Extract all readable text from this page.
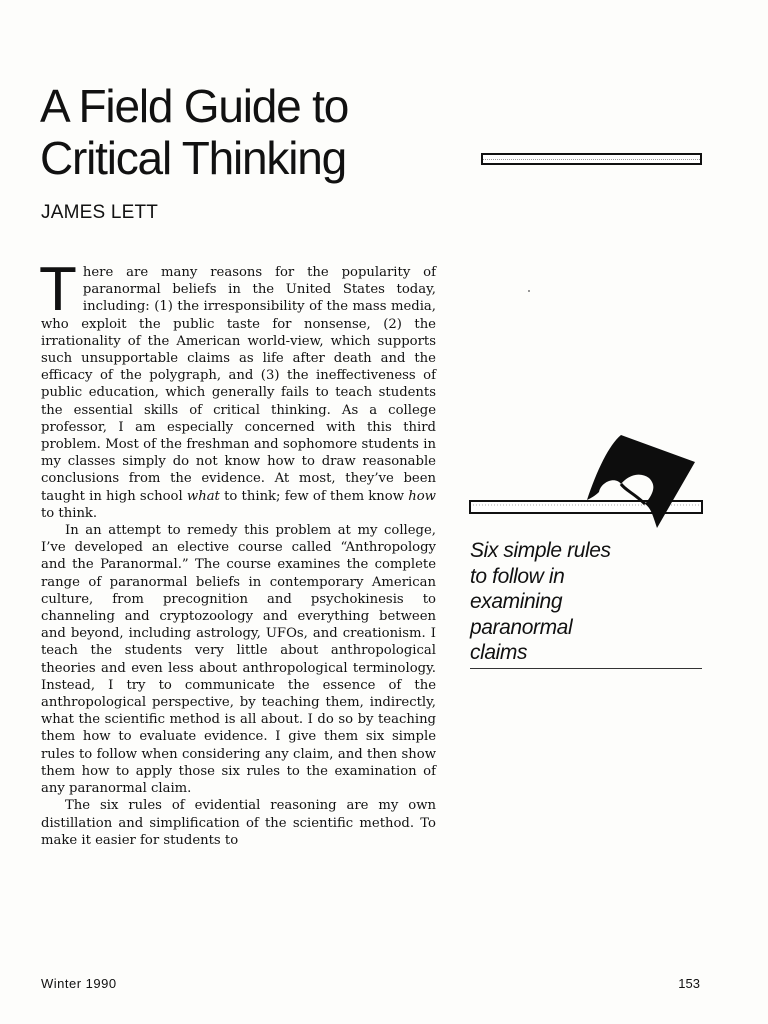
A Field Guide to
Critical Thinking
JAMES LETT

There are many reasons for the popularity of paranormal beliefs in the United States today, including: (1) the irresponsibility of the mass media, who exploit the public taste for nonsense, (2) the irrationality of the American world-view, which supports such unsupportable claims as life after death and the efficacy of the polygraph, and (3) the ineffectiveness of public education, which generally fails to teach students the essential skills of critical thinking. As a college professor, I am especially concerned with this third problem. Most of the freshman and sophomore students in my classes simply do not know how to draw reasonable conclusions from the evidence. At most, they’ve been taught in high school what to think; few of them know how to think.

In an attempt to remedy this problem at my college, I’ve developed an elective course called “Anthropology and the Paranormal.” The course examines the complete range of paranormal beliefs in contemporary American culture, from precognition and psychokinesis to channeling and cryptozoology and everything between and beyond, including astrology, UFOs, and creationism. I teach the students very little about anthropological theories and even less about anthropological terminology. Instead, I try to communicate the essence of the anthropological perspective, by teaching them, indirectly, what the scientific method is all about. I do so by teaching them how to evaluate evidence. I give them six simple rules to follow when considering any claim, and then show them how to apply those six rules to the examination of any paranormal claim.

The six rules of evidential reasoning are my own distillation and simplification of the scientific method. To make it easier for students to

Six simple rules
to follow in
examining
paranormal
claims
Winter 1990	153
